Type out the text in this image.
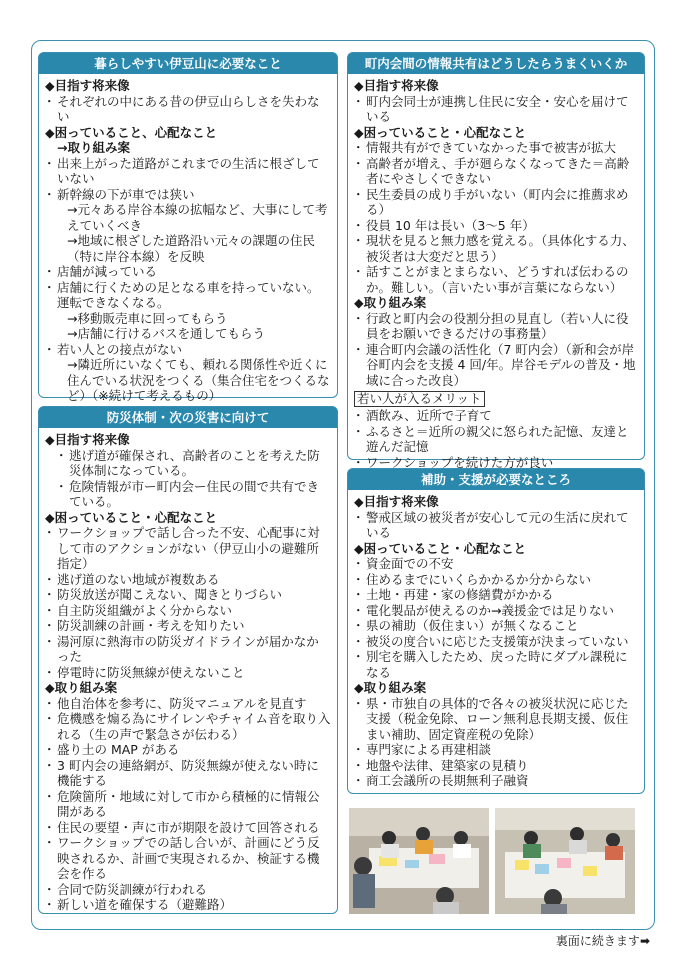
暮らしやすい伊豆山に必要なこと
◆目指す将来像
・ それぞれの中にある昔の伊豆山らしさを失わない
◆困っていること、心配なこと
→取り組み案
・ 出来上がった道路がこれまでの生活に根ざしていない
・ 新幹線の下が車では狭い
→元々ある岸谷本線の拡幅など、大事にして考えていくべき
→地域に根ざした道路沿い元々の課題の住民（特に岸谷本線）を反映
・ 店舗が減っている
・ 店舗に行くための足となる車を持っていない。運転できなくなる。
→移動販売車に回ってもらう
→店舗に行けるバスを通してもらう
・ 若い人との接点がない
→隣近所にいなくても、頼れる関係性や近くに住んでいる状況をつくる（集合住宅をつくるなど）（※続けて考えるもの）
防災体制・次の災害に向けて
◆目指す将来像
・ 逃げ道が確保され、高齢者のことを考えた防災体制になっている。
・ 危険情報が市ー町内会ー住民の間で共有できている。
◆困っていること・心配なこと
・ ワークショップで話し合った不安、心配事に対して市のアクションがない（伊豆山小の避難所指定）
・ 逃げ道のない地域が複数ある
・ 防災放送が聞こえない、聞きとりづらい
・ 自主防災組織がよく分からない
・ 防災訓練の計画・考えを知りたい
・ 湯河原に熱海市の防災ガイドラインが届かなかった
・ 停電時に防災無線が使えないこと
◆取り組み案
・ 他自治体を参考に、防災マニュアルを見直す
・ 危機感を煽る為にサイレンやチャイム音を取り入れる（生の声で緊急さが伝わる）
・ 盛り土の MAP がある
・ 3 町内会の連絡網が、防災無線が使えない時に機能する
・ 危険箇所・地域に対して市から積極的に情報公開がある
・ 住民の要望・声に市が期限を設けて回答される
・ ワークショップでの話し合いが、計画にどう反映されるか、計画で実現されるか、検証する機会を作る
・ 合同で防災訓練が行われる
・ 新しい道を確保する（避難路）
町内会間の情報共有はどうしたらうまくいくか
◆目指す将来像
・ 町内会同士が連携し住民に安全・安心を届けている
◆困っていること・心配なこと
・ 情報共有ができていなかった事で被害が拡大
・ 高齢者が増え、手が廻らなくなってきた＝高齢者にやさしくできない
・ 民生委員の成り手がいない（町内会に推薦求める）
・ 役員 10 年は長い（3〜5 年）
・ 現状を見ると無力感を覚える。（具体化する力、被災者は大変だと思う）
・ 話すことがまとまらない、どうすれば伝わるのか。難しい。（言いたい事が言葉にならない）
◆取り組み案
・ 行政と町内会の役割分担の見直し（若い人に役員をお願いできるだけの事務量）
・ 連合町内会議の活性化（7 町内会）（新和会が岸谷町内会を支援 4 回/年。岸谷モデルの普及・地域に合った改良）
若い人が入るメリット
・ 酒飲み、近所で子育て
・ ふるさと＝近所の親父に怒られた記憶、友達と遊んだ記憶
・ ワークショップを続けた方が良い
補助・支援が必要なところ
◆目指す将来像
・ 警戒区域の被災者が安心して元の生活に戻れている
◆困っていること・心配なこと
・ 資金面での不安
・ 住めるまでにいくらかかるか分からない
・ 土地・再建・家の修繕費がかかる
・ 電化製品が使えるのか→義援金では足りない
・ 県の補助（仮住まい）が無くなること
・ 被災の度合いに応じた支援策が決まっていない
・ 別宅を購入したため、戻った時にダブル課税になる
◆取り組み案
・ 県・市独自の具体的で各々の被災状況に応じた支援（税金免除、ローン無利息長期支援、仮住まい補助、固定資産税の免除）
・ 専門家による再建相談
・ 地盤や法律、建築家の見積り
・ 商工会議所の長期無利子融資
裏面に続きます➡
